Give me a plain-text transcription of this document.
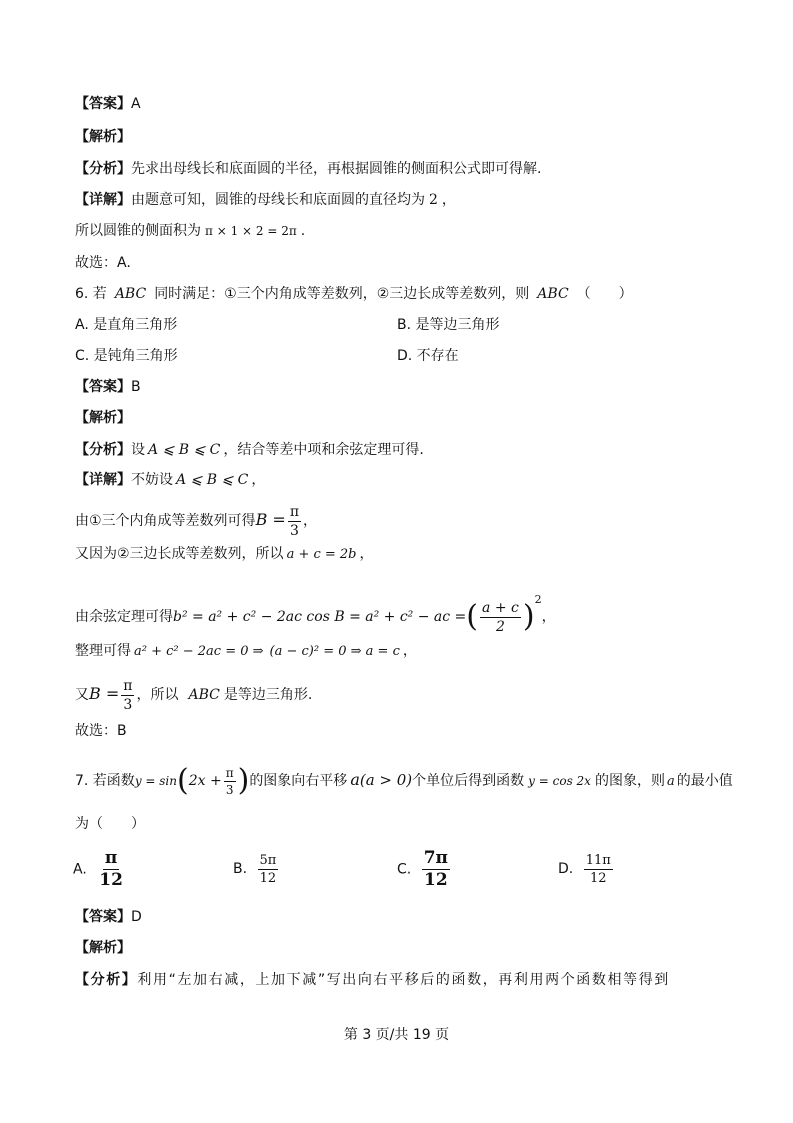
【答案】A
【解析】
【分析】先求出母线长和底面圆的半径，再根据圆锥的侧面积公式即可得解.
【详解】由题意可知，圆锥的母线长和底面圆的直径均为 2 ，
所以圆锥的侧面积为 π × 1 × 2 = 2π .
故选：A.
6. 若 ABC 同时满足：①三个内角成等差数列，②三边长成等差数列，则 ABC （　　）
A. 是直角三角形	B. 是等边三角形
C. 是钝角三角形	D. 不存在
【答案】B
【解析】
【分析】设 A ⩽ B ⩽ C ，结合等差中项和余弦定理可得.
【详解】不妨设 A ⩽ B ⩽ C ，
由①三个内角成等差数列可得$B = \frac{\pi}{3}$ ，
又因为②三边长成等差数列，所以 a + c = 2b ，
由余弦定理可得b² = a² + c² − 2ac cos B = a² + c² − ac =( $\frac{a + c}{2} )^2$，
整理可得 a² + c² − 2ac = 0 ⇒ (a − c)² = 0 ⇒ a = c ，
又$B = \frac{\pi}{3}$ ，所以 ABC 是等边三角形.
故选：B
7. 若函数$y = \sin(2x + \frac{\pi}{3}$ )的图象向右平移 a(a > 0)个单位后得到函数 y = cos 2x 的图象，则 a 的最小值
为（　　）
A. $\frac{\pi}{12}$	B. $\frac{5\pi}{12}$	C. $\frac{7\pi}{12}$	D. $\frac{11\pi}{12}$
【答案】D
【解析】
【分析】利用“左加右减，上加下减”写出向右平移后的函数，再利用两个函数相等得到
第 3 页/共 19 页
